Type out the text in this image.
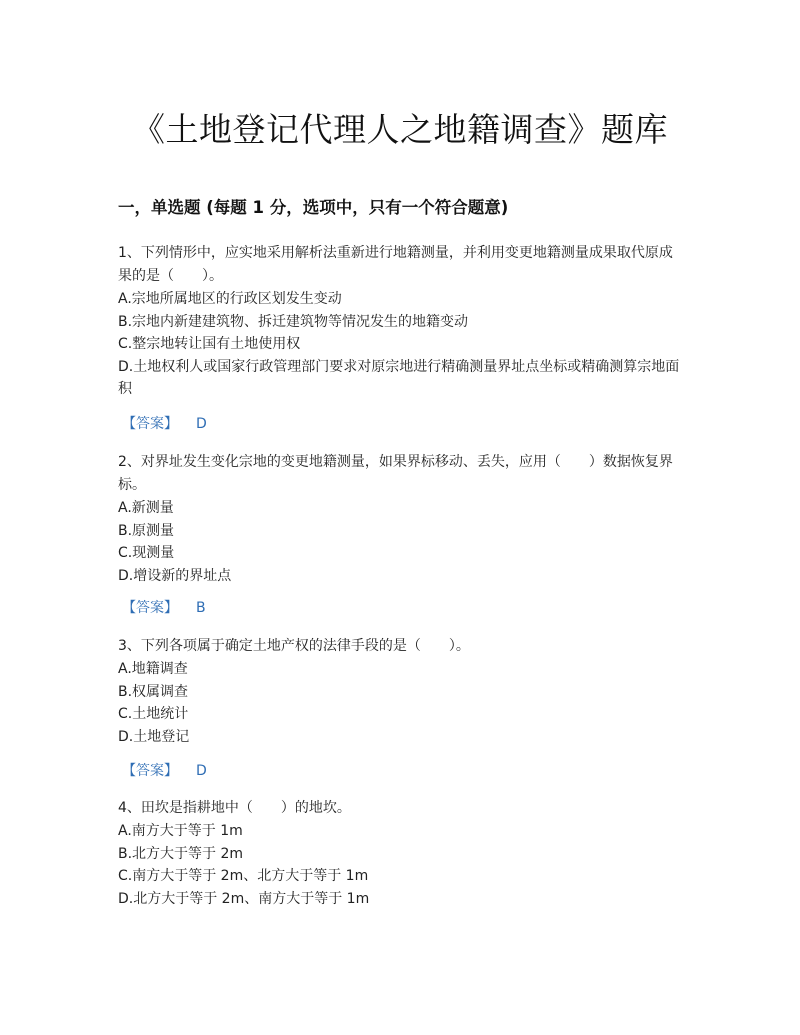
《土地登记代理人之地籍调查》题库
一，单选题 (每题 1 分，选项中，只有一个符合题意)

1、下列情形中，应实地采用解析法重新进行地籍测量，并利用变更地籍测量成果取代原成果的是（　　）。

A.宗地所属地区的行政区划发生变动

B.宗地内新建建筑物、拆迁建筑物等情况发生的地籍变动

C.整宗地转让国有土地使用权

D.土地权利人或国家行政管理部门要求对原宗地进行精确测量界址点坐标或精确测算宗地面积

【答案】 D

2、对界址发生变化宗地的变更地籍测量，如果界标移动、丢失，应用（　　）数据恢复界标。

A.新测量

B.原测量

C.现测量

D.增设新的界址点

【答案】 B

3、下列各项属于确定土地产权的法律手段的是（　　）。

A.地籍调查

B.权属调查

C.土地统计

D.土地登记

【答案】 D

4、田坎是指耕地中（　　）的地坎。

A.南方大于等于 1m

B.北方大于等于 2m

C.南方大于等于 2m、北方大于等于 1m

D.北方大于等于 2m、南方大于等于 1m
